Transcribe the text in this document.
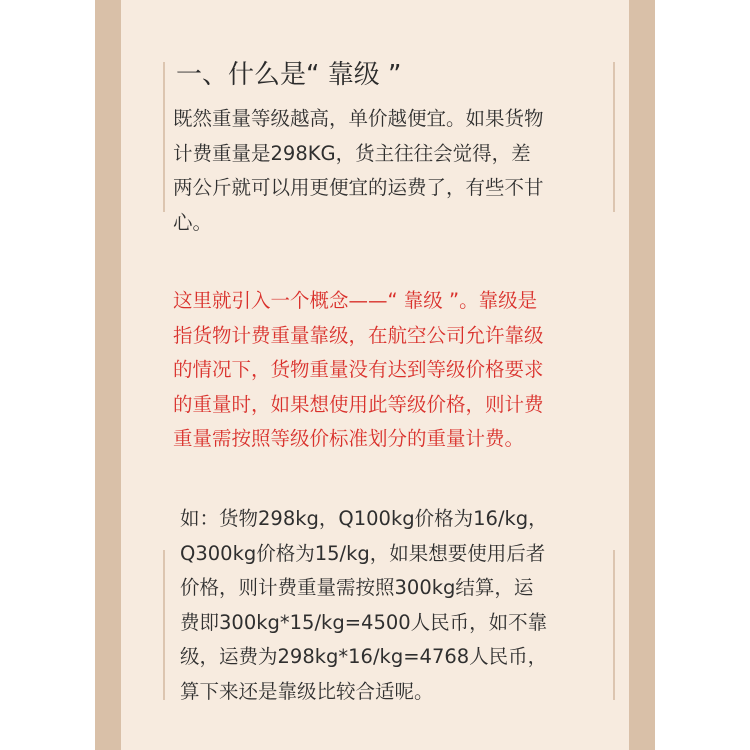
一、什么是“ 靠级 ”

既然重量等级越高，单价越便宜。如果货物
计费重量是298KG，货主往往会觉得，差
两公斤就可以用更便宜的运费了，有些不甘
心。

这里就引入一个概念——“ 靠级 ”。靠级是
指货物计费重量靠级，在航空公司允许靠级
的情况下，货物重量没有达到等级价格要求
的重量时，如果想使用此等级价格，则计费
重量需按照等级价标准划分的重量计费。

如：货物298kg，Q100kg价格为16/kg，
Q300kg价格为15/kg，如果想要使用后者
价格，则计费重量需按照300kg结算，运
费即300kg*15/kg=4500人民币，如不靠
级，运费为298kg*16/kg=4768人民币，
算下来还是靠级比较合适呢。
